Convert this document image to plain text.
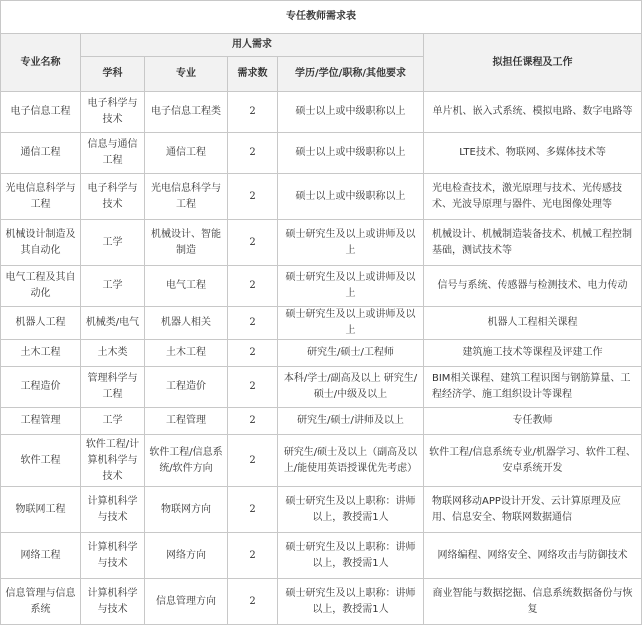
专任教师需求表					
专业名称	用人需求				拟担任课程及工作
	学科	专业	需求数	学历/学位/职称/其他要求	
电子信息工程	电子科学与技术	电子信息工程类	2	硕士以上或中级职称以上	单片机、嵌入式系统、模拟电路、数字电路等
通信工程	信息与通信工程	通信工程	2	硕士以上或中级职称以上	LTE技术、物联网、多媒体技术等
光电信息科学与工程	电子科学与技术	光电信息科学与工程	2	硕士以上或中级职称以上	光电检查技术，激光原理与技术、光传感技术、光波导原理与器件、光电图像处理等
机械设计制造及其自动化	工学	机械设计、智能制造	2	硕士研究生及以上或讲师及以上	机械设计、机械制造装备技术、机械工程控制基础，测试技术等
电气工程及其自动化	工学	电气工程	2	硕士研究生及以上或讲师及以上	信号与系统、传感器与检测技术、电力传动
机器人工程	机械类/电气	机器人相关	2	硕士研究生及以上或讲师及以上	机器人工程相关课程
土木工程	土木类	土木工程	2	研究生/硕士/工程师	建筑施工技术等课程及评建工作
工程造价	管理科学与工程	工程造价	2	本科/学士/副高及以上 研究生/硕士/中级及以上	BIM相关课程、建筑工程识图与钢筋算量、工程经济学、施工组织设计等课程
工程管理	工学	工程管理	2	研究生/硕士/讲师及以上	专任教师
软件工程	软件工程/计算机科学与技术	软件工程/信息系统/软件方向	2	研究生/硕士及以上（副高及以上/能使用英语授课优先考虑）	软件工程/信息系统专业/机器学习、软件工程、安卓系统开发
物联网工程	计算机科学与技术	物联网方向	2	硕士研究生及以上职称：讲师以上，教授需1人	物联网移动APP设计开发、云计算原理及应用、信息安全、物联网数据通信
网络工程	计算机科学与技术	网络方向	2	硕士研究生及以上职称：讲师以上，教授需1人	网络编程、网络安全、网络攻击与防御技术
信息管理与信息系统	计算机科学与技术	信息管理方向	2	硕士研究生及以上职称：讲师以上，教授需1人	商业智能与数据挖掘、信息系统数据备份与恢复
